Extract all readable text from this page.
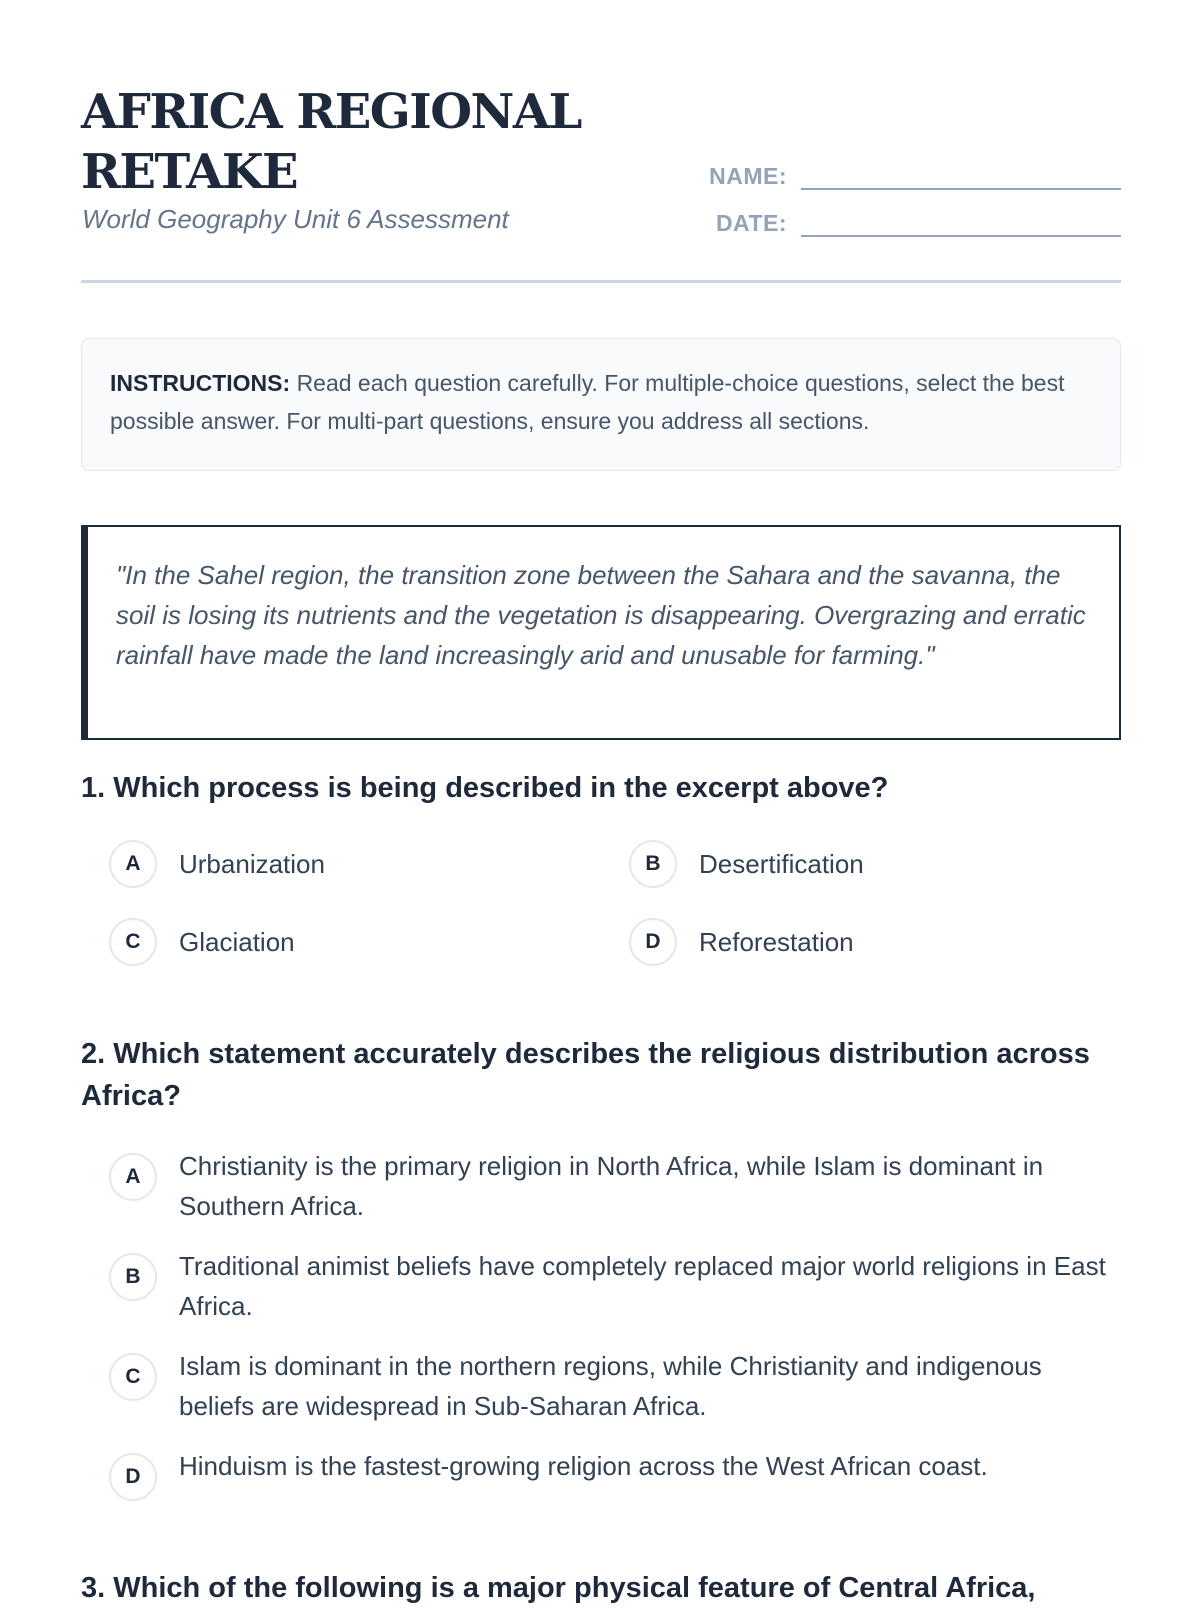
AFRICA REGIONAL RETAKE
World Geography Unit 6 Assessment
NAME:
DATE:
INSTRUCTIONS: Read each question carefully. For multiple-choice questions, select the best possible answer. For multi-part questions, ensure you address all sections.
"In the Sahel region, the transition zone between the Sahara and the savanna, the soil is losing its nutrients and the vegetation is disappearing. Overgrazing and erratic rainfall have made the land increasingly arid and unusable for farming."
1. Which process is being described in the excerpt above?
A	Urbanization	B	Desertification
C	Glaciation	D	Reforestation
2. Which statement accurately describes the religious distribution across Africa?
A	Christianity is the primary religion in North Africa, while Islam is dominant in Southern Africa.
B	Traditional animist beliefs have completely replaced major world religions in East Africa.
C	Islam is dominant in the northern regions, while Christianity and indigenous beliefs are widespread in Sub-Saharan Africa.
D	Hinduism is the fastest-growing religion across the West African coast.
3. Which of the following is a major physical feature of Central Africa,
